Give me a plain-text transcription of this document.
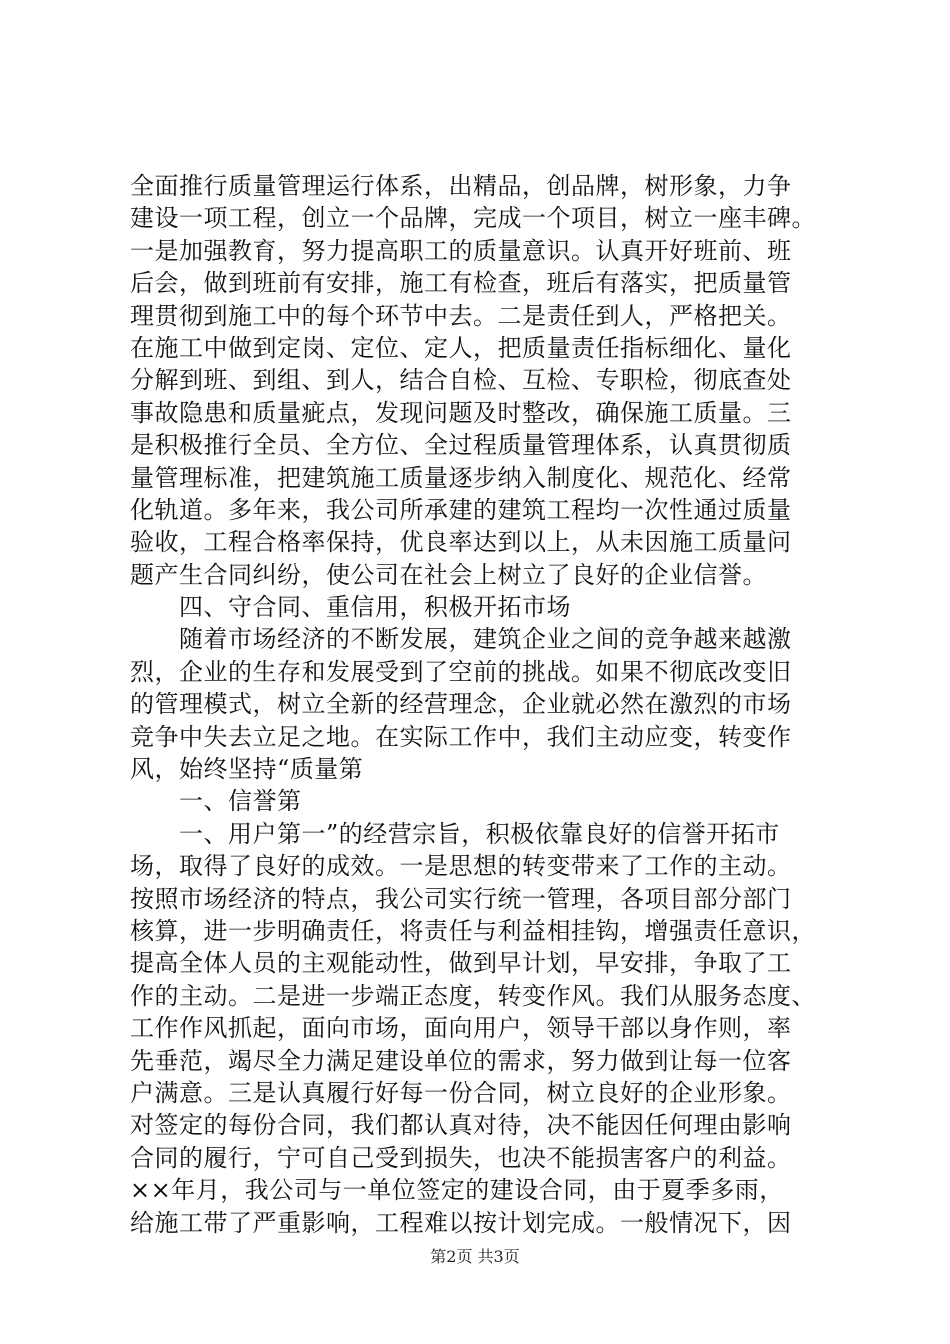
全面推行质量管理运行体系，出精品，创品牌，树形象，力争
建设一项工程，创立一个品牌，完成一个项目，树立一座丰碑。
一是加强教育，努力提高职工的质量意识。认真开好班前、班
后会，做到班前有安排，施工有检查，班后有落实，把质量管
理贯彻到施工中的每个环节中去。二是责任到人，严格把关。
在施工中做到定岗、定位、定人，把质量责任指标细化、量化
分解到班、到组、到人，结合自检、互检、专职检，彻底查处
事故隐患和质量疵点，发现问题及时整改，确保施工质量。三
是积极推行全员、全方位、全过程质量管理体系，认真贯彻质
量管理标准，把建筑施工质量逐步纳入制度化、规范化、经常
化轨道。多年来，我公司所承建的建筑工程均一次性通过质量
验收，工程合格率保持，优良率达到以上，从未因施工质量问
题产生合同纠纷，使公司在社会上树立了良好的企业信誉。
　　四、守合同、重信用，积极开拓市场
　　随着市场经济的不断发展，建筑企业之间的竞争越来越激
烈，企业的生存和发展受到了空前的挑战。如果不彻底改变旧
的管理模式，树立全新的经营理念，企业就必然在激烈的市场
竞争中失去立足之地。在实际工作中，我们主动应变，转变作
风，始终坚持“质量第
　　一、信誉第
　　一、用户第一”的经营宗旨，积极依靠良好的信誉开拓市
场，取得了良好的成效。一是思想的转变带来了工作的主动。
按照市场经济的特点，我公司实行统一管理，各项目部分部门
核算，进一步明确责任，将责任与利益相挂钩，增强责任意识，
提高全体人员的主观能动性，做到早计划，早安排，争取了工
作的主动。二是进一步端正态度，转变作风。我们从服务态度、
工作作风抓起，面向市场，面向用户，领导干部以身作则，率
先垂范，竭尽全力满足建设单位的需求，努力做到让每一位客
户满意。三是认真履行好每一份合同，树立良好的企业形象。
对签定的每份合同，我们都认真对待，决不能因任何理由影响
合同的履行，宁可自己受到损失，也决不能损害客户的利益。
××年月，我公司与一单位签定的建设合同，由于夏季多雨，
给施工带了严重影响，工程难以按计划完成。一般情况下，因
第2页 共3页
